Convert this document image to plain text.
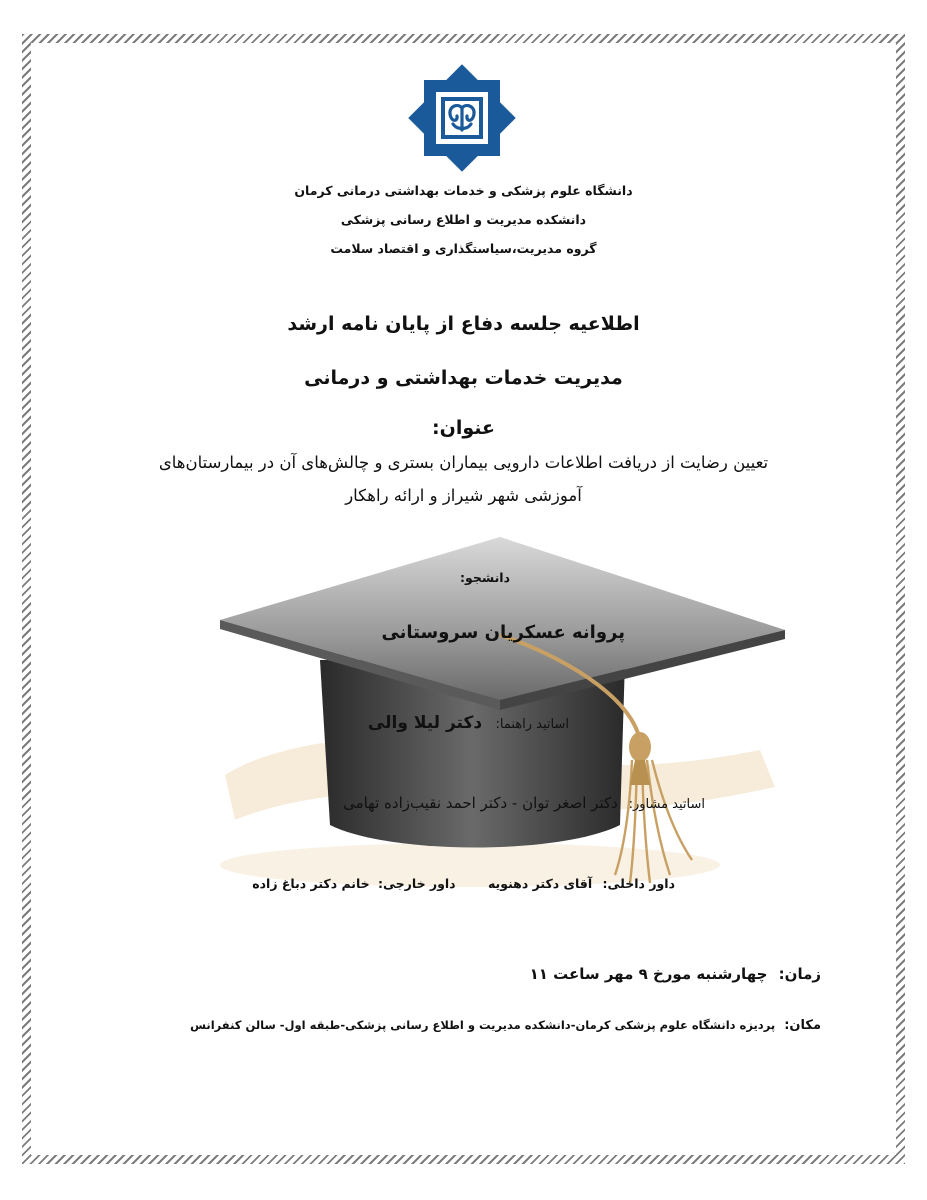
دانشگاه علوم پزشکی و خدمات بهداشتی درمانی کرمان
دانشکده مدیریت و اطلاع رسانی پزشکی
گروه مدیریت،سیاستگذاری و اقتصاد سلامت
اطلاعیه جلسه دفاع از پایان نامه ارشد
مدیریت خدمات بهداشتی و درمانی
عنوان:
تعیین رضایت از دریافت اطلاعات دارویی بیماران بستری و چالش‌های آن در بیمارستان‌های
آموزشی شهر شیراز و ارائه راهکار
دانشجو:
پروانه عسکریان سروستانی
اساتید راهنما: دکتر لیلا والی
اساتید مشاور: دکتر اصغر توان - دکتر احمد نقیب‌زاده تهامی
داور داخلی: آقای دکتر دهنویه داور خارجی: خانم دکتر دباغ زاده
زمان: چهارشنبه مورخ ۹ مهر ساعت ۱۱
مکان: پردیزه دانشگاه علوم پزشکی کرمان-دانشکده مدیریت و اطلاع رسانی پزشکی-طبقه اول- سالن کنفرانس
